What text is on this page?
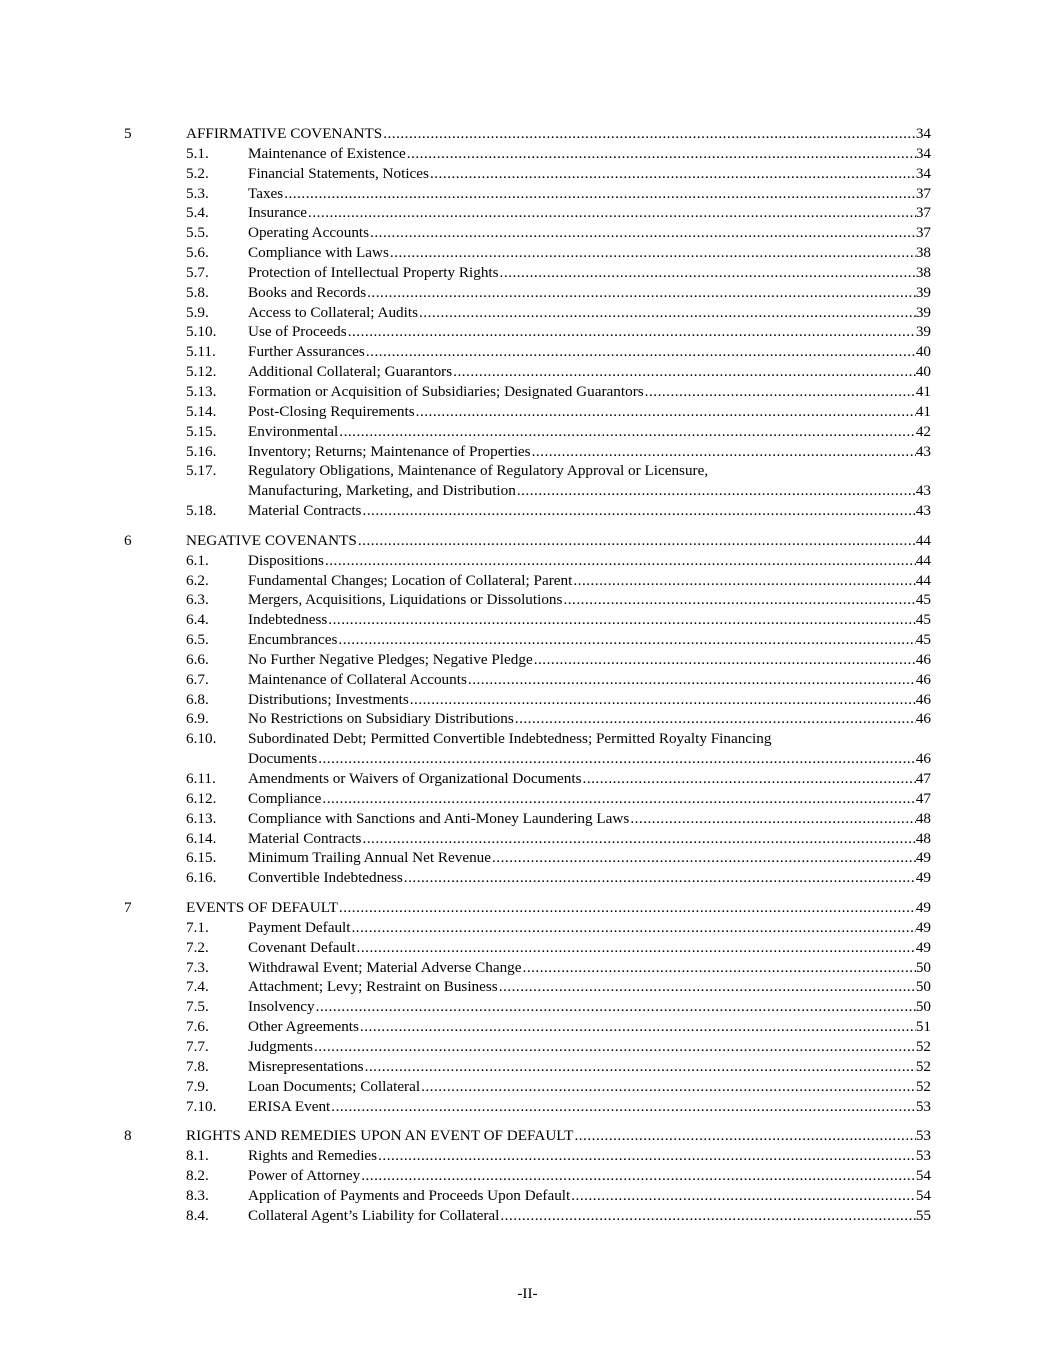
5	AFFIRMATIVE COVENANTS .....	34
5.1.	Maintenance of Existence .....	34
5.2.	Financial Statements, Notices .....	34
5.3.	Taxes .....	37
5.4.	Insurance .....	37
5.5.	Operating Accounts .....	37
5.6.	Compliance with Laws .....	38
5.7.	Protection of Intellectual Property Rights .....	38
5.8.	Books and Records .....	39
5.9.	Access to Collateral; Audits .....	39
5.10. Use of Proceeds .....	39
5.11. Further Assurances .....	40
5.12. Additional Collateral; Guarantors .....	40
5.13. Formation or Acquisition of Subsidiaries; Designated Guarantors .....	41
5.14. Post-Closing Requirements .....	41
5.15. Environmental .....	42
5.16. Inventory; Returns; Maintenance of Properties .....	43
5.17. Regulatory Obligations, Maintenance of Regulatory Approval or Licensure,
Manufacturing, Marketing, and Distribution .....	43
5.18. Material Contracts .....	43
6	NEGATIVE COVENANTS .....	44
6.1.	Dispositions .....	44
6.2.	Fundamental Changes; Location of Collateral; Parent .....	44
6.3.	Mergers, Acquisitions, Liquidations or Dissolutions .....	45
6.4.	Indebtedness .....	45
6.5.	Encumbrances .....	45
6.6.	No Further Negative Pledges; Negative Pledge .....	46
6.7.	Maintenance of Collateral Accounts .....	46
6.8.	Distributions; Investments .....	46
6.9.	No Restrictions on Subsidiary Distributions .....	46
6.10. Subordinated Debt; Permitted Convertible Indebtedness; Permitted Royalty Financing
Documents .....	46
6.11. Amendments or Waivers of Organizational Documents .....	47
6.12. Compliance .....	47
6.13. Compliance with Sanctions and Anti-Money Laundering Laws .....	48
6.14. Material Contracts .....	48
6.15. Minimum Trailing Annual Net Revenue .....	49
6.16. Convertible Indebtedness .....	49
7	EVENTS OF DEFAULT .....	49
7.1.	Payment Default .....	49
7.2.	Covenant Default .....	49
7.3.	Withdrawal Event; Material Adverse Change .....	50
7.4.	Attachment; Levy; Restraint on Business .....	50
7.5.	Insolvency .....	50
7.6.	Other Agreements .....	51
7.7.	Judgments .....	52
7.8.	Misrepresentations .....	52
7.9.	Loan Documents; Collateral .....	52
7.10. ERISA Event .....	53
8	RIGHTS AND REMEDIES UPON AN EVENT OF DEFAULT .....	53
8.1.	Rights and Remedies .....	53
8.2.	Power of Attorney .....	54
8.3.	Application of Payments and Proceeds Upon Default .....	54
8.4.	Collateral Agent’s Liability for Collateral .....	55
-II-
